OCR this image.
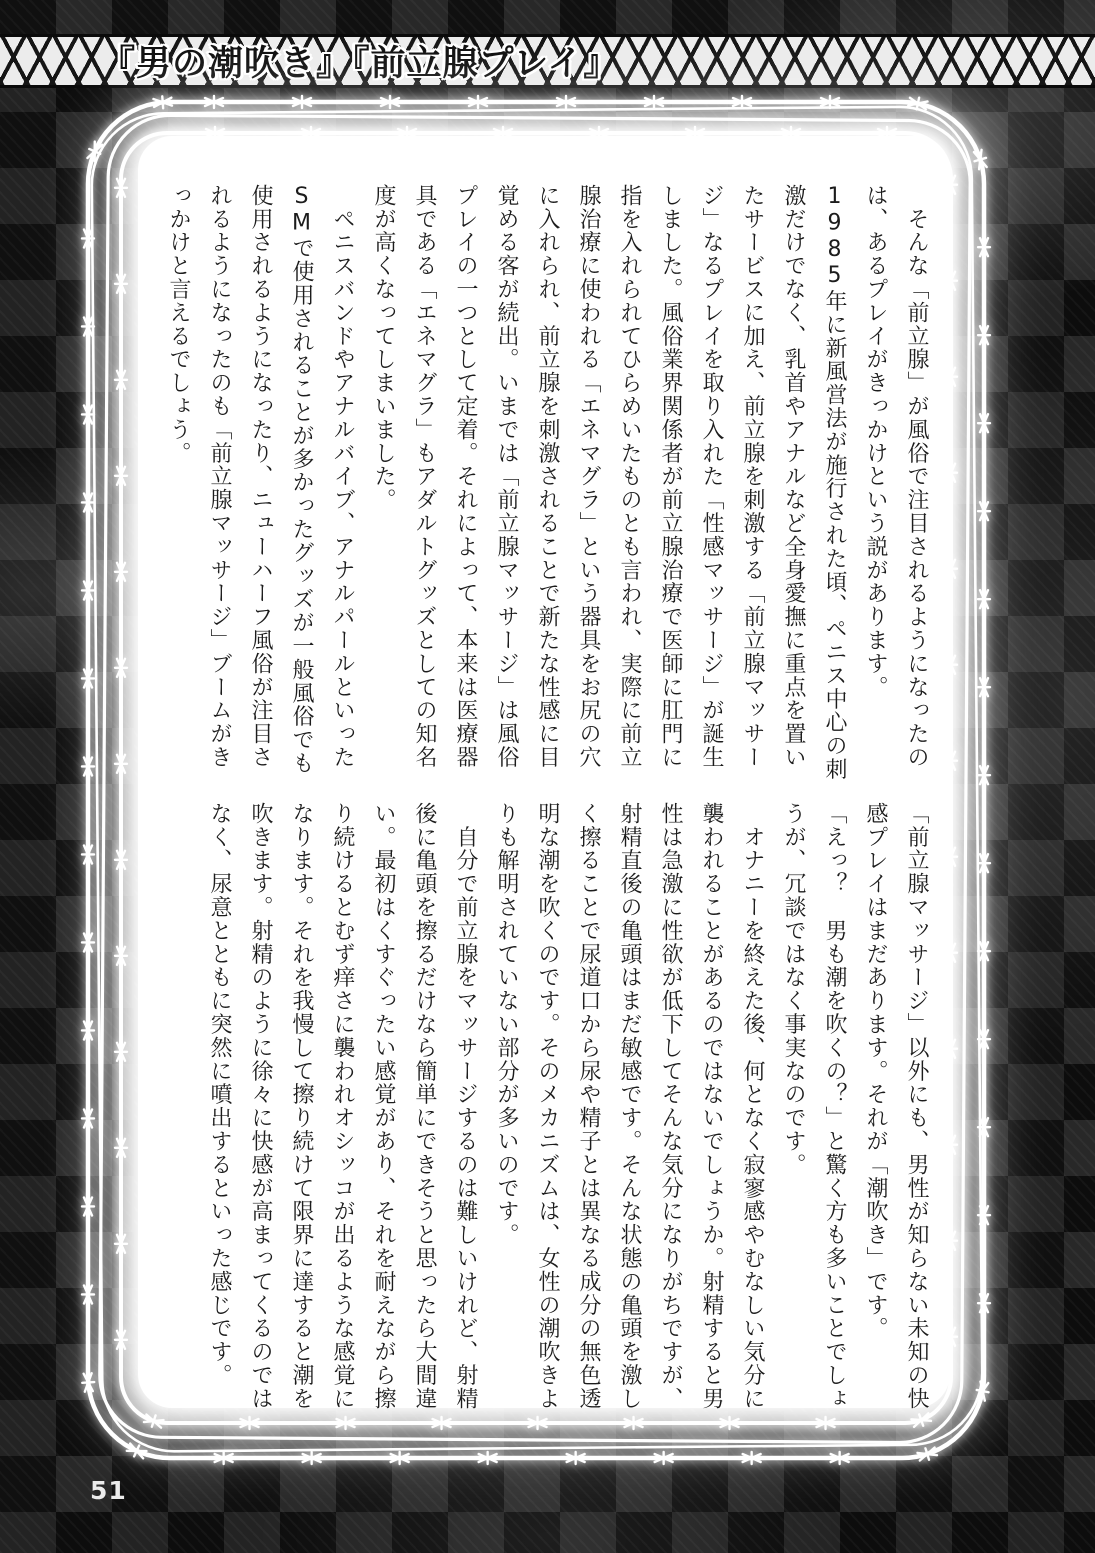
『男の潮吹き』『前立腺プレイ』

　そんな「前立腺」が風俗で注目されるようになったのは、あるプレイがきっかけという説があります。

1985年に新風営法が施行された頃、ペニス中心の刺激だけでなく、乳首やアナルなど全身愛撫に重点を置いたサービスに加え、前立腺を刺激する「前立腺マッサージ」なるプレイを取り入れた「性感マッサージ」が誕生しました。風俗業界関係者が前立腺治療で医師に肛門に指を入れられてひらめいたものとも言われ、実際に前立腺治療に使われる「エネマグラ」という器具をお尻の穴に入れられ、前立腺を刺激されることで新たな性感に目覚める客が続出。いまでは「前立腺マッサージ」は風俗プレイの一つとして定着。それによって、本来は医療器具である「エネマグラ」もアダルトグッズとしての知名度が高くなってしまいました。

　ペニスバンドやアナルバイブ、アナルパールといったSMで使用されることが多かったグッズが一般風俗でも使用されるようになったり、ニューハーフ風俗が注目されるようになったのも「前立腺マッサージ」ブームがきっかけと言えるでしょう。

「前立腺マッサージ」以外にも、男性が知らない未知の快感プレイはまだあります。それが「潮吹き」です。

「えっ？　男も潮を吹くの？」と驚く方も多いことでしょうが、冗談ではなく事実なのです。

　オナニーを終えた後、何となく寂寥感やむなしい気分に襲われることがあるのではないでしょうか。射精すると男性は急激に性欲が低下してそんな気分になりがちですが、射精直後の亀頭はまだ敏感です。そんな状態の亀頭を激しく擦ることで尿道口から尿や精子とは異なる成分の無色透明な潮を吹くのです。そのメカニズムは、女性の潮吹きよりも解明されていない部分が多いのです。

　自分で前立腺をマッサージするのは難しいけれど、射精後に亀頭を擦るだけなら簡単にできそうと思ったら大間違い。最初はくすぐったい感覚があり、それを耐えながら擦り続けるとむず痒さに襲われオシッコが出るような感覚になります。それを我慢して擦り続けて限界に達すると潮を吹きます。射精のように徐々に快感が高まってくるのではなく、尿意とともに突然に噴出するといった感じです。

51
